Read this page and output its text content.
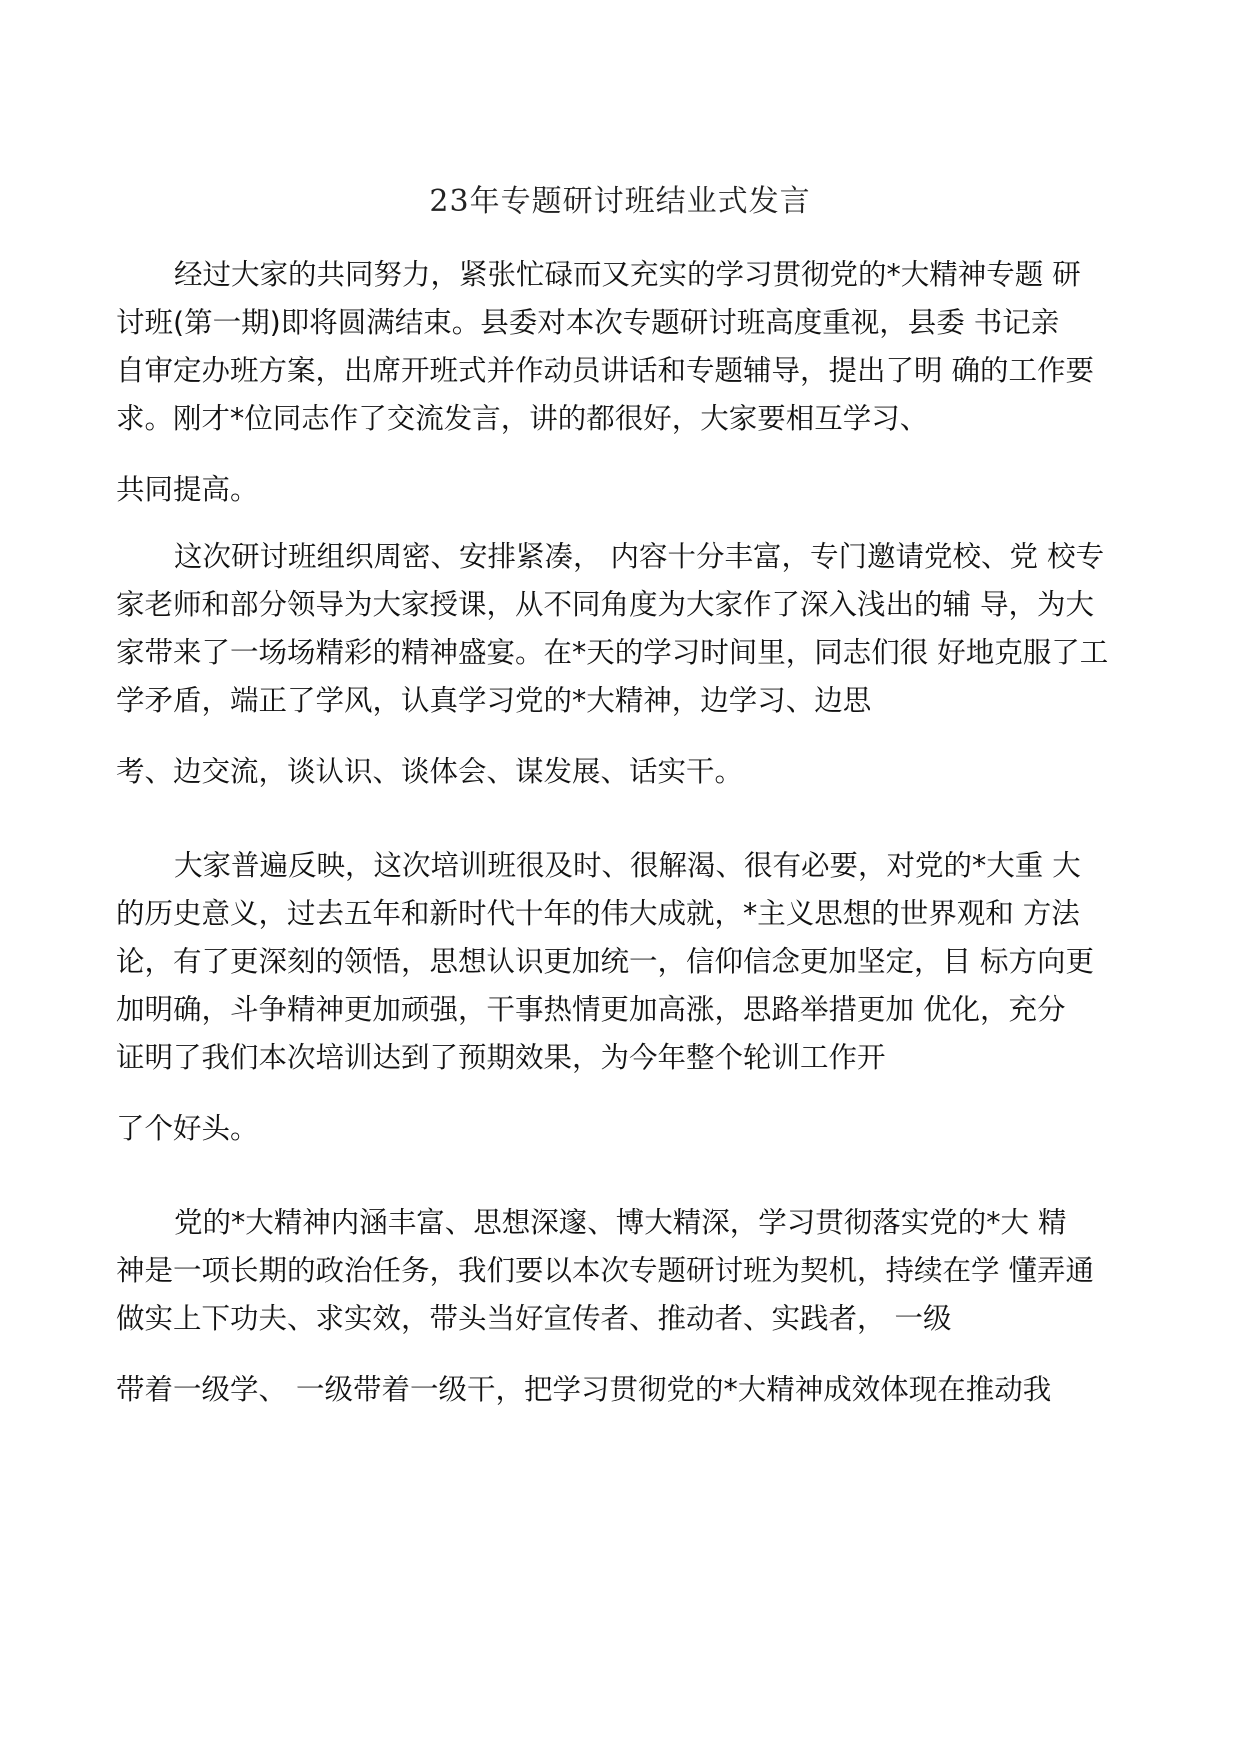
23年专题研讨班结业式发言
经过大家的共同努力，紧张忙碌而又充实的学习贯彻党的*大精神专题 研
讨班(第一期)即将圆满结束。县委对本次专题研讨班高度重视，县委 书记亲
自审定办班方案，出席开班式并作动员讲话和专题辅导，提出了明 确的工作要
求。刚才*位同志作了交流发言，讲的都很好，大家要相互学习、
共同提高。
这次研讨班组织周密、安排紧凑， 内容十分丰富，专门邀请党校、党 校专
家老师和部分领导为大家授课，从不同角度为大家作了深入浅出的辅 导，为大
家带来了一场场精彩的精神盛宴。在*天的学习时间里，同志们很 好地克服了工
学矛盾，端正了学风，认真学习党的*大精神，边学习、边思
考、边交流，谈认识、谈体会、谋发展、话实干。
大家普遍反映，这次培训班很及时、很解渴、很有必要，对党的*大重 大
的历史意义，过去五年和新时代十年的伟大成就，*主义思想的世界观和 方法
论，有了更深刻的领悟，思想认识更加统一，信仰信念更加坚定，目 标方向更
加明确，斗争精神更加顽强，干事热情更加高涨，思路举措更加 优化，充分
证明了我们本次培训达到了预期效果，为今年整个轮训工作开
了个好头。
党的*大精神内涵丰富、思想深邃、博大精深，学习贯彻落实党的*大 精
神是一项长期的政治任务，我们要以本次专题研讨班为契机，持续在学 懂弄通
做实上下功夫、求实效，带头当好宣传者、推动者、实践者， 一级
带着一级学、 一级带着一级干，把学习贯彻党的*大精神成效体现在推动我
